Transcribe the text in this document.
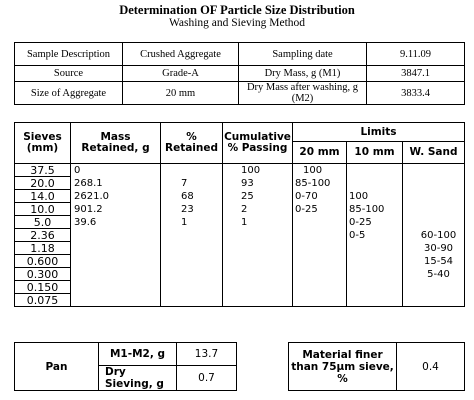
Determination OF Particle Size Distribution
Washing and Sieving Method
Sample Description	Crushed Aggregate	Sampling date	9.11.09
Source	Grade-A	Dry Mass, g (M1)	3847.1
Size of Aggregate	20 mm	Dry Mass after washing, g (M2)	3833.4
Sieves (mm)	Mass Retained, g	% Retained	Cumulative % Passing	Limits		
				20 mm	10 mm	W. Sand
37.5	0		100	100		
20.0	268.1	7	93	85-100		
14.0	2621.0	68	25	0-70	100	
10.0	901.2	23	2	0-25	85-100	
5.0	39.6	1	1		0-25	
2.36					0-5	60-100
1.18						30-90
0.600						15-54
0.300						5-40
0.150						
0.075						
Pan	M1-M2, g	13.7		Material finer than 75µm sieve, %	0.4
	Dry Sieving, g	0.7			
